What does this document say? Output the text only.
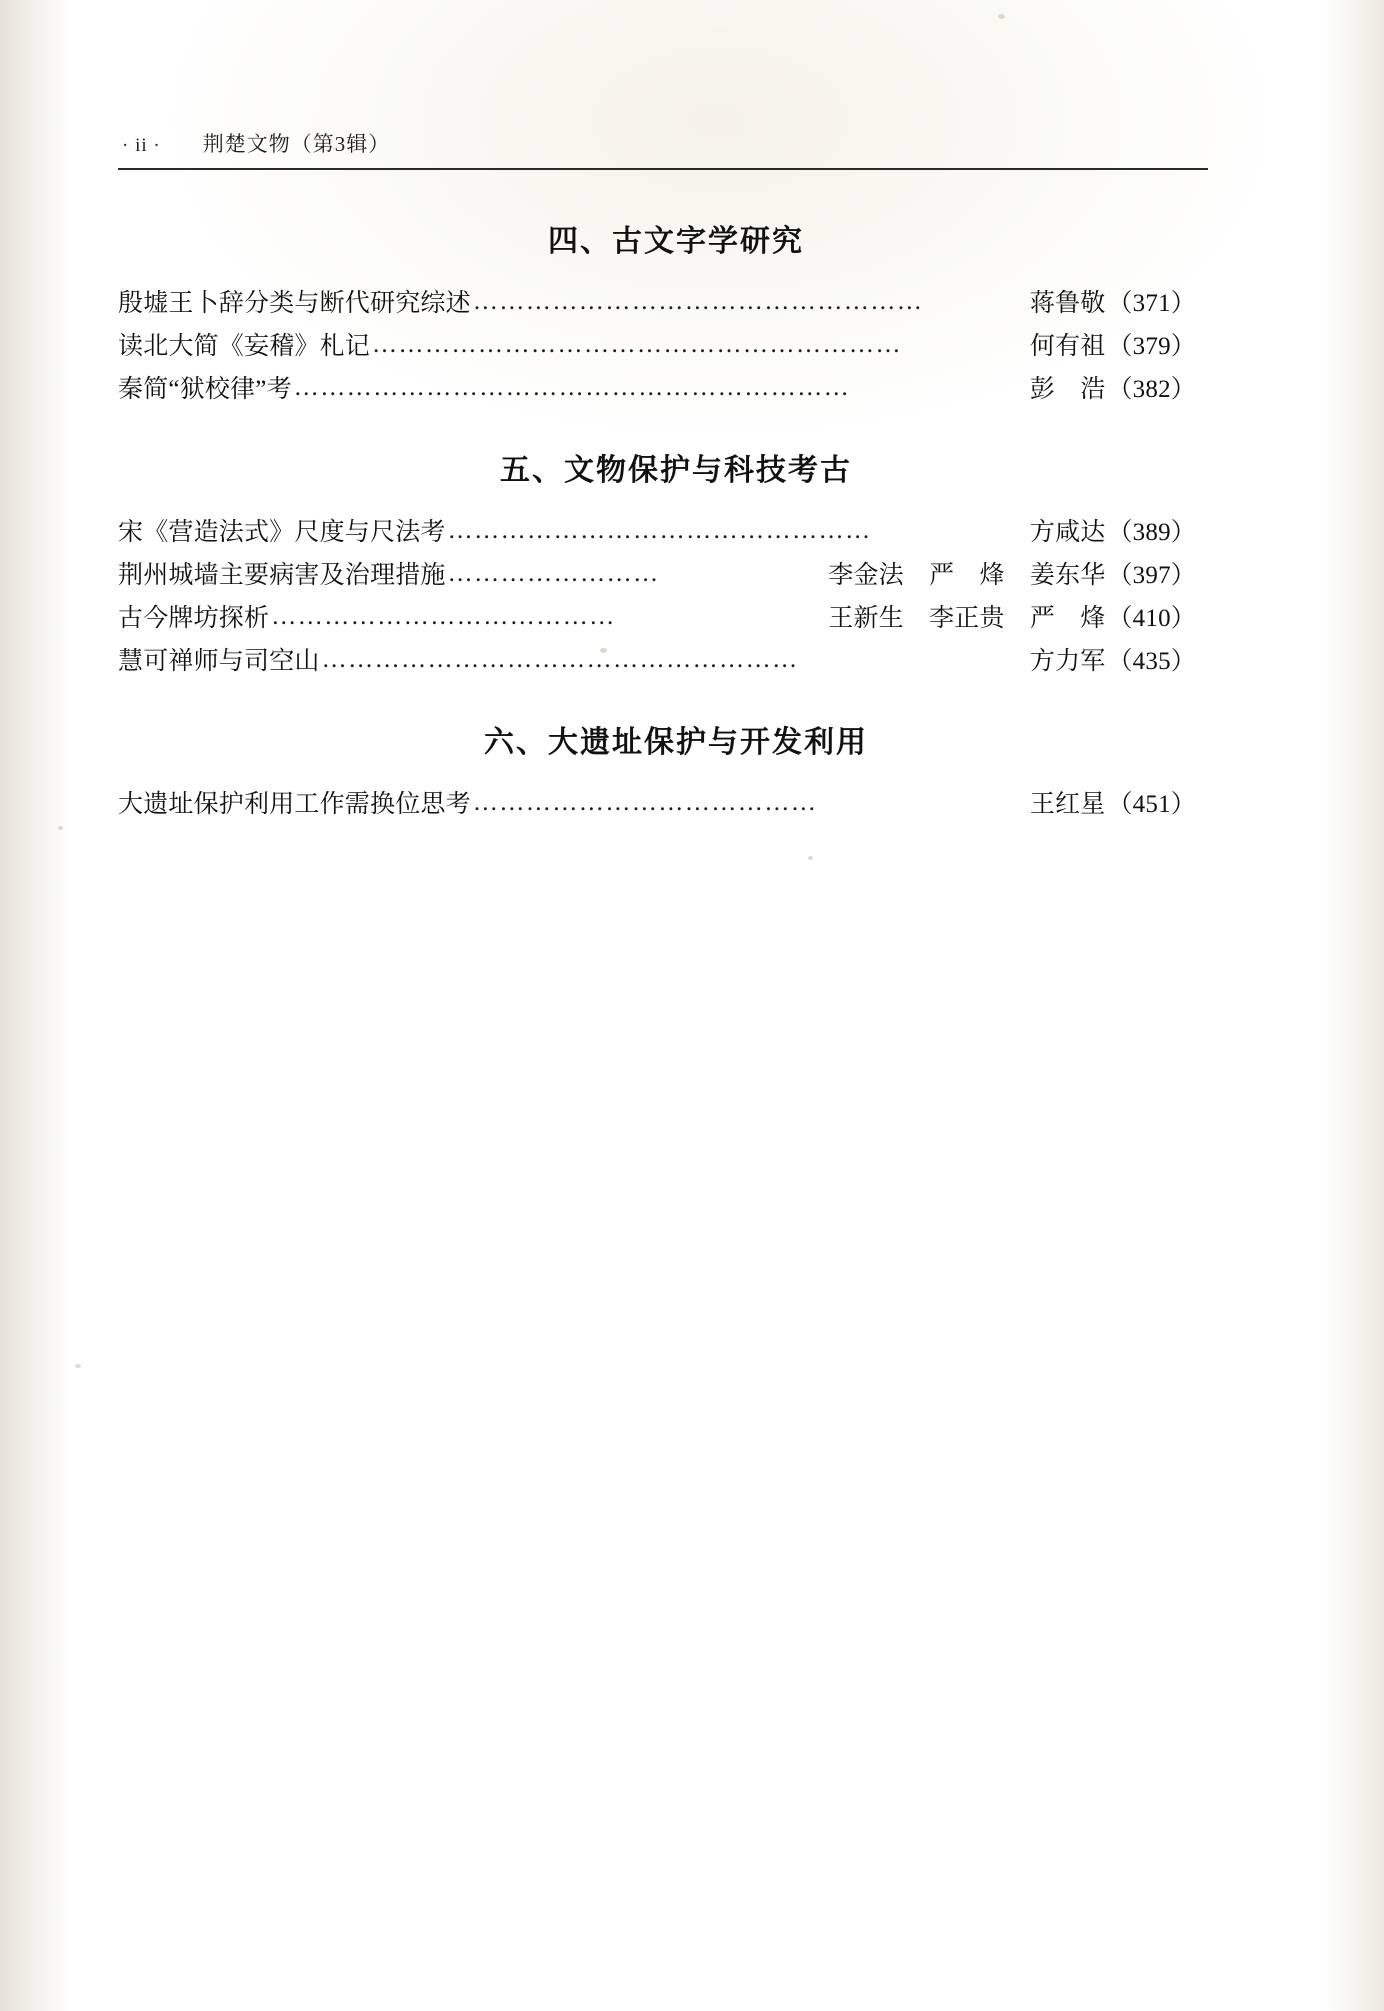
· ii · 荆楚文物（第3辑）
四、古文字学研究
殷墟王卜辞分类与断代研究综述 ……………………………………………	蒋鲁敬 （371）
读北大简《妄稽》札记 ……………………………………………………	何有祖 （379）
秦简“狱校律”考 ………………………………………………………	彭　浩 （382）
五、文物保护与科技考古
宋《营造法式》尺度与尺法考 …………………………………………	方咸达 （389）
荆州城墙主要病害及治理措施 ……………………	李金法　严　烽　姜东华 （397）
古今牌坊探析 …………………………………	王新生　李正贵　严　烽 （410）
慧可禅师与司空山 ………………………………………………	方力军 （435）
六、大遗址保护与开发利用
大遗址保护利用工作需换位思考 …………………………………	王红星 （451）
